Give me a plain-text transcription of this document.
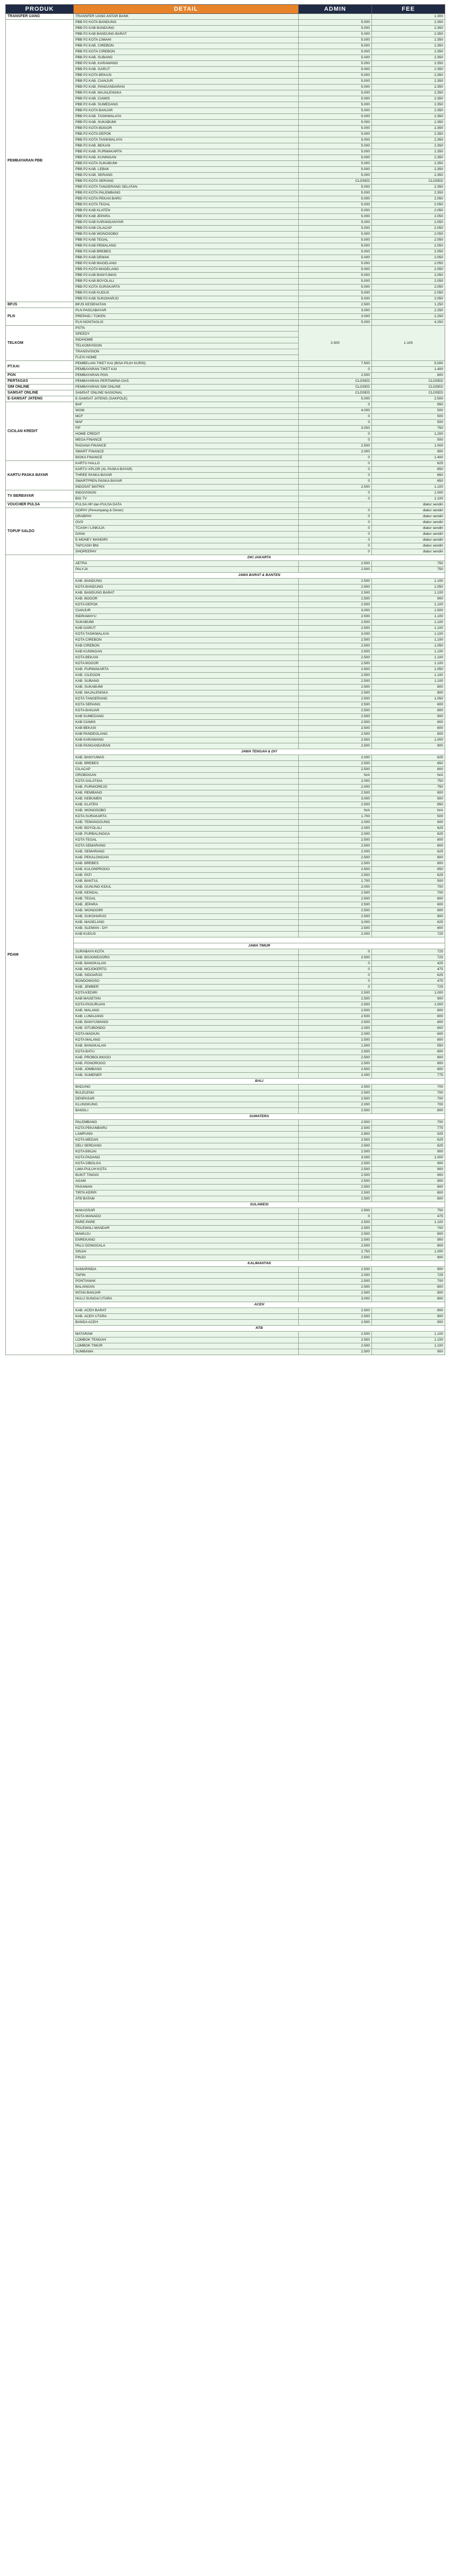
PRODUK	DETAIL	ADMIN	FEE
TRANSFER UANG	TRANSFER UANG ANTAR BANK		1.300
PEMBAYARAN PBB	PBB P2 KOTA BANDUNG	5.000	2.350
	PBB P2 KAB BANDUNG	5.000	2.350
	PBB P2 KAB BANDUNG BARAT	5.000	2.350
	PBB P2 KOTA CIMAHI	5.000	2.350
	PBB P2 KAB. CIREBON	5.000	2.350
	PBB P2 KOTA CIREBON	5.000	2.350
	PBB P2 KAB. SUBANG	5.000	2.350
	PBB P2 KAB. KARAWANG	5.000	2.350
	PBB P2 KAB. GARUT	5.000	2.350
	PBB P2 KOTA BEKASI	5.000	2.350
	PBB P2 KAB. CIANJUR	5.000	2.350
	PBB P2 KAB. PANGANDARAN	5.000	2.350
	PBB P2 KAB. MAJALENGKA	5.000	2.350
	PBB P2 KAB. CIAMIS	5.000	2.350
	PBB P2 KAB. SUMEDANG	5.000	2.350
	PBB P2 KOTA BANJAR	5.000	2.350
	PBB P2 KAB. TASIKMALAYA	5.000	2.350
	PBB P2 KAB. SUKABUMI	5.000	2.350
	PBB P2 KOTA BOGOR	5.000	2.350
	PBB P2 KOTA DEPOK	5.000	2.350
	PBB P2 KOTA TASIKMALAYA	5.000	2.350
	PBB P2 KAB. BEKASI	5.000	2.350
	PBB P2 KAB. PURWAKARTA	5.000	2.350
	PBB P2 KAB. KUNINGAN	5.000	2.350
	PBB P2 KOTA SUKABUMI	5.000	2.350
	PBB P2 KAB. LEBAK	5.000	2.350
	PBB P2 KAB. SERANG	5.000	2.350
	PBB P2 KOTA SERANG	CLOSED	CLOSED
	PBB P2 KOTA TANGERANG SELATAN	5.000	2.350
	PBB P2 KOTA PALEMBANG	5.000	2.350
	PBB P2 KOTA PEKAN BARU	5.000	2.050
	PBB P2 KOTA TEGAL	5.000	2.050
	PBB P2 KAB KLATEN	5.000	2.050
	PBB P2 KAB JEPARA	5.000	2.050
	PBB P2 KAB KARANGANYAR	5.000	2.050
	PBB P2 KAB CILACAP	5.000	2.050
	PBB P2 KAB WONOSOBO	5.000	2.050
	PBB P2 KAB TEGAL	5.000	2.050
	PBB P2 KAB PEMALANG	5.000	2.050
	PBB P2 KAB BREBES	5.000	2.050
	PBB P2 KAB DEMAK	5.000	2.050
	PBB P2 KAB MAGELANG	5.000	2.050
	PBB P2 KOTA MAGELANG	5.000	2.050
	PBB P2 KAB BANYUMAS	5.000	2.050
	PBB P2 KAB BOYOLALI	5.000	2.050
	PBB P2 KOTA SURAKARTA	5.000	2.050
	PBB P2 KAB KUDUS	5.000	2.050
	PBB P2 KAB SUKOHARJO	5.000	2.050
BPJS	BPJS KESEHATAN	2.500	1.250
PLN	PLN PASCABAYAR	3.000	2.250
	PREPAID / TOKEN	3.000	2.250
	PLN NONTAGLIS	5.000	4.250
TELKOM	PSTN	2.500	1.100
	SPEEDY		
	INDIHOME		
	TELKOMVISION		
	TRANSVISION		
	FLEXI HOME		
PT.KAI	PEMBELIAN TIKET KAI (BISA PILIH KURSI)	7.500	5.000
	PEMBAYARAN TIKET KAI	0	1.400
PGN	PEMBAYARAN PGN	2.500	800
PERTAGAS	PEMBAYARAN PERTAMINA GAS	CLOSED	CLOSED
SIM ONLINE	PEMBAYARAN SIM ONLINE	CLOSED	CLOSED
SAMSAT ONLINE	SAMSAT ONLINE NASIONAL	CLOSED	CLOSED
E-SAMSAT JATENG	E-SAMSAT JATENG (SAKPOLE)	5.000	2.500
CICILAN KREDIT	BAF	0	650
	WOM	4.000	500
	MCF	0	500
	MAF	0	500
	FIF	3.000	750
	HOME CREDIT	0	1.200
	MEGA FINANCE	0	500
	RADANA FINANCE	2.500	1.000
	SMART FINANCE	2.000	900
	BIOKA FINANCE	0	1.400
KARTU PASKA BAYAR	KARTU HALLO	0	625
	KARTU XPLOR (XL PASKA BAYAR)	0	650
	THREE PASKA BAYAR	0	650
	SMARTFREN PASKA BAYAR	0	650
	INDOSAT MATRIX	2.500	1.100
TV BERBAYAR	INDOVISION	0	1.000
	BIG TV	0	1.100
VOUCHER PULSA	PULSA HP dan PULSA DATA		diatur sendiri
TOPUP SALDO	GOPAY (Penumpang & Driver)	0	diatur sendiri
	GRABPAY	0	diatur sendiri
	OVO	0	diatur sendiri
	TCASH / LINKAJA	0	diatur sendiri
	DANA	0	diatur sendiri
	E-MONEY MANDIRI	0	diatur sendiri
	TAPCASH BNI	0	diatur sendiri
	SHOPEEPAY	0	diatur sendiri
PDAM	DKI JAKARTA		
	AETRA	2.500	750
	PALYJA	2.500	750
	JAWA BARAT & BANTEN		
	KAB. BANDUNG	2.500	1.100
	KOTA BANDUNG	2.500	1.050
	KAB. BANDUNG BARAT	2.500	1.100
	KAB. BOGOR	2.500	900
	KOTA DEPOK	2.500	1.100
	CIANJUR	3.000	1.500
	INDRAMAYU	2.500	1.100
	SUKABUMI	2.500	1.100
	KAB GARUT	2.500	1.100
	KOTA TASIKMALAYA	3.000	1.100
	KOTA CIREBON	2.500	1.100
	KAB CIREBON	2.500	1.050
	KAB KUNINGAN	2.500	1.100
	KOTA BEKASI	2.500	1.100
	KOTA BOGOR	2.500	1.100
	KAB. PURWAKARTA	2.500	1.050
	KAB. CILEGON	2.500	1.100
	KAB. SUBANG	2.500	1.100
	KAB. SUKABUMI	2.500	800
	KAB. MAJALENGKA	2.500	800
	KOTA TANGERANG	2.500	1.050
	KOTA SERANG	2.500	800
	KOTA BANJAR	2.500	800
	KAB SUMEDANG	2.500	900
	KAB CIAMIS	2.500	800
	KAB BEKASI	2.500	800
	KAB PANDEGLANG	2.500	800
	KAB KARAWANG	2.500	1.000
	KAB PANGANDARAN	2.500	800
	JAWA TENGAH & DIY		
	KAB. BANYUMAS	2.000	625
	KAB. BREBES	2.500	650
	CILACAP	2.500	800
	GROBOGAN	N/A	N/A
	KOTA SALATIGA	2.000	750
	KAB. PURWOREJO	2.000	750
	KAB. REMBANG	2.500	800
	KAB. KEBUMEN	3.000	900
	KAB. KLATEN	2.500	850
	KAB. WONOSOBO	N/A	N/A
	KOTA SURAKARTA	1.700	500
	KAB. TEMANGGUNG	2.000	600
	KAB. BOYOLALI	2.000	625
	KAB. PURBALINGGA	2.000	625
	KOTA TEGAL	2.500	800
	KOTA SEMARANG	2.500	800
	KAB. SEMARANG	2.000	625
	KAB. PEKALONGAN	2.500	800
	KAB. BREBES	2.500	800
	KAB. KULONPROGO	2.500	650
	KAB. PATI	2.500	625
	KAB. BANTUL	1.700	500
	KAB. GUNUNG KIDUL	2.000	700
	KAB. KENDAL	2.500	700
	KAB. TEGAL	2.500	800
	KAB. JEPARA	2.500	800
	KAB. WONOGIRI	2.500	800
	KAB. SUKOHARJO	2.500	800
	KAB. MAGELANG	3.000	625
	KAB. SLEMAN - DIY	2.500	800
	KAB KUDUS	2.000	725

	JAWA TIMUR		
	SURABAYA KOTA	0	725
	KAB. BOJONEGORO	2.500	725
	KAB. BANGKALAN	0	425
	KAB. MOJOKERTO	0	475
	KAB. SIDOARJO	0	625
	BONDOWOSO	0	475
	KAB. JEMBER	0	725
	KOTA KEDIRI	2.500	1.000
	KAB MAGETAN	2.500	900
	KOTA PASURUAN	2.500	1.000
	KAB. MALANG	2.500	800
	KAB. LUMAJANG	2.500	800
	KAB. BANYUWANGI	2.500	800
	KAB. SITUBONDO	2.000	600
	KOTA MADIUN	2.000	600
	KOTA MALANG	2.500	800
	KAB. BANGKALAN	1.500	550
	KOTA BATU	2.500	800
	KAB. PROBOLINGGO	2.500	800
	KAB. PONOROGO	2.500	800
	KAB. JOMBANG	2.500	800
	KAB. SUMENEP	2.000	775
	BALI		
	BADUNG	2.500	700
	BULELENG	2.500	700
	DENPASAR	2.500	700
	KLUNGKUNG	2.000	700
	BANGLI	2.500	800
	SUMATERA		
	PALEMBANG	2.500	700
	KOTA PEKANBARU	2.500	775
	LAMPUNG	2.800	925
	KOTA MEDAN	2.500	625
	DELI SERDANG	2.500	625
	KOTA BINJAI	2.500	900
	KOTA PADANG	3.000	1.000
	KOTA SIBOLGA	2.500	900
	LIMA PULUH KOTA	2.500	900
	BUKIT TINGGI	2.500	900
	AGAM	2.500	900
	PASAMAN	2.500	800
	TIRTA KERPI	2.500	800
	ATB BATAM	2.500	800
	SULAWESI		
	MAKASSAR	2.500	750
	KOTA MANADO	0	475
	PARE-PARE	2.500	1.100
	POLEWALI MANDAR	2.500	700
	MAMUJU	2.500	800
	ENREKANG	2.500	900
	PALU DONGGALA	2.500	800
	SINJAI	2.750	1.000
	PINJO	2.500	800
	KALIMANTAN		
	SAMARINDA	2.500	900
	TAPIN	2.000	725
	PONTIANAK	2.500	700
	BALANGAN	2.500	800
	INTAN BANJAR	2.500	800
	HULU SUNGAI UTARA	3.000	800
	ACEH		
	KAB. ACEH BARAT	2.500	800
	KAB. ACEH UTARA	2.500	800
	BANDA ACEH	2.500	900
	NTB		
	MATARAM	2.500	1.100
	LOMBOK TENGAH	2.500	1.100
	LOMBOK TIMUR	2.500	1.100
	SUMBAWA	2.500	900
